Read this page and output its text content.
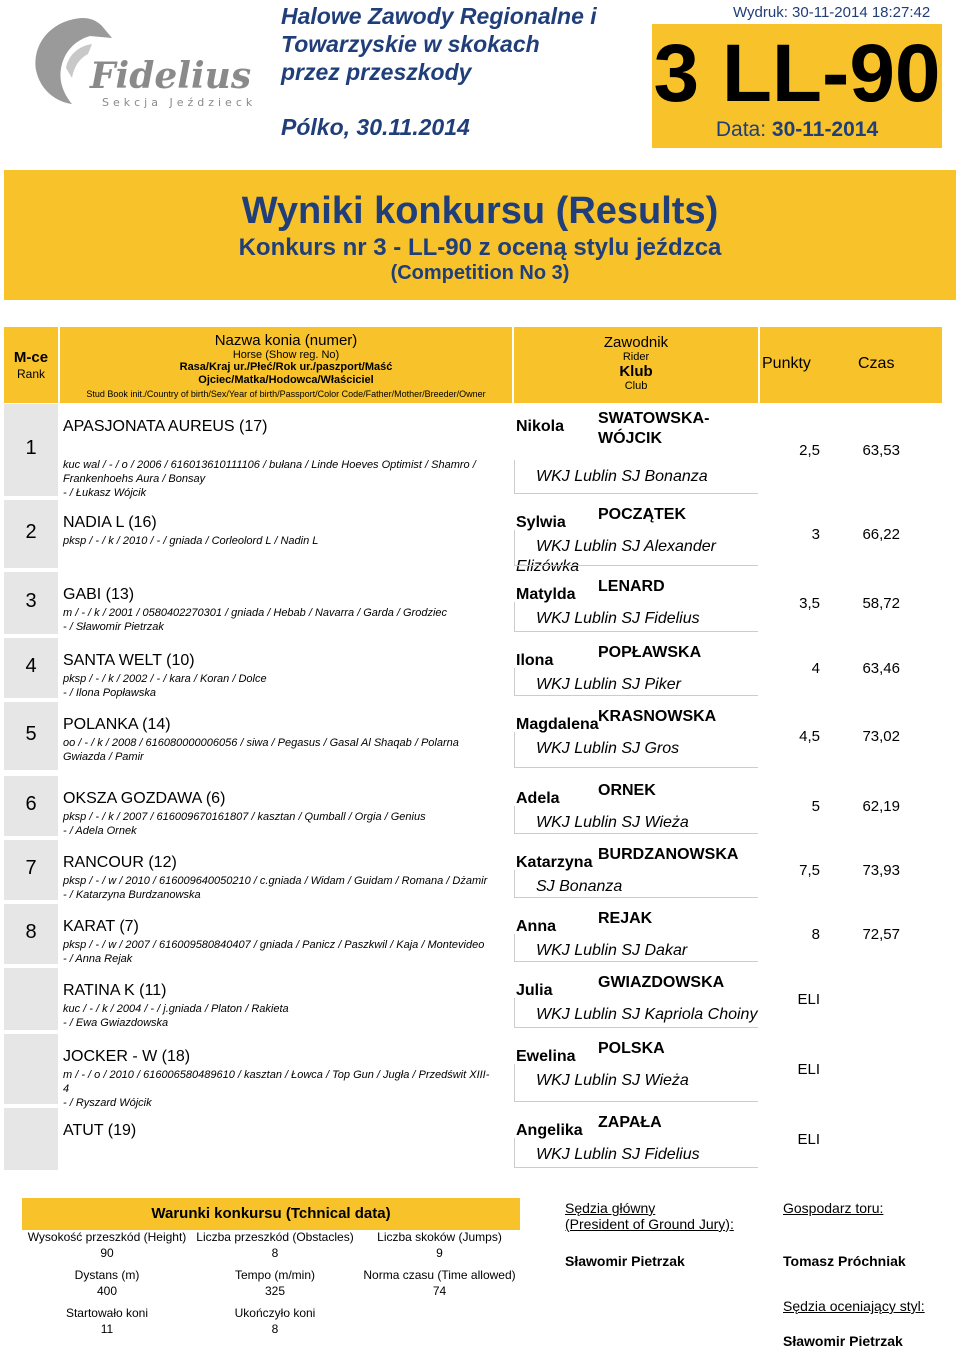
Fidelius
Sekcja Jeździecka
Halowe Zawody Regionalne i
Towarzyskie w skokach
przez przeszkody
Pólko, 30.11.2014
Wydruk: 30-11-2014 18:27:42
3 LL-90
Data: 30-11-2014
Wyniki konkursu (Results)
Konkurs nr 3 - LL-90 z oceną stylu jeźdzca
(Competition No 3)
M-ce
Rank
Nazwa konia (numer)
Horse (Show reg. No)
Rasa/Kraj ur./Płeć/Rok ur./paszport/Maść
Ojciec/Matka/Hodowca/Właściciel
Stud Book init./Country of birth/Sex/Year of birth/Passport/Color Code/Father/Mother/Breeder/Owner
Zawodnik
Rider
Klub
Club
Punkty	Czas
1
APASJONATA AUREUS (17)
kuc wal / - / o / 2006 / 616013610111106 / bułana / Linde Hoeves Optimist / Shamro /
Frankenhoehs Aura / Bonsay
- / Łukasz Wójcik
Nikola SWATOWSKA-
WÓJCIK
WKJ Lublin SJ Bonanza
2,5	63,53
2	NADIA L (16)
pksp / - / k / 2010 / - / gniada / Corleolord L / Nadin L
Sylwia POCZĄTEK
WKJ Lublin SJ Alexander
Elizówka
3	66,22
3	GABI (13)
m / - / k / 2001 / 0580402270301 / gniada / Hebab / Navarra / Garda / Grodziec
- / Sławomir Pietrzak
Matylda LENARD
WKJ Lublin SJ Fidelius
3,5	58,72
4	SANTA WELT (10)
pksp / - / k / 2002 / - / kara / Koran / Dolce
- / Ilona Popławska
Ilona	POPŁAWSKA
WKJ Lublin SJ Piker
4	63,46
5	POLANKA (14)
oo / - / k / 2008 / 616080000006056 / siwa / Pegasus / Gasal Al Shaqab / Polarna
Gwiazda / Pamir
Magdalena KRASNOWSKA
WKJ Lublin SJ Gros
4,5	73,02
6	OKSZA GOZDAWA (6)
pksp / - / k / 2007 / 616009670161807 / kasztan / Qumball / Orgia / Genius
- / Adela Ornek
Adela ORNEK
WKJ Lublin SJ Wieża
5	62,19
7	RANCOUR (12)
pksp / - / w / 2010 / 616009640050210 / c.gniada / Widam / Guidam / Romana / Dżamir
- / Katarzyna Burdzanowska
Katarzyna BURDZANOWSKA
SJ Bonanza
7,5	73,93
8	KARAT (7)
pksp / - / w / 2007 / 616009580840407 / gniada / Panicz / Paszkwil / Kaja / Montevideo
- / Anna Rejak
Anna	REJAK
WKJ Lublin SJ Dakar
8	72,57
RATINA K (11)
kuc / - / k / 2004 / - / j.gniada / Platon / Rakieta
- / Ewa Gwiazdowska
Julia	GWIAZDOWSKA
WKJ Lublin SJ Kapriola Choiny
ELI
JOCKER - W (18)
m / - / o / 2010 / 616006580489610 / kasztan / Łowca / Top Gun / Jugła / Przedświt XIII-
4
- / Ryszard Wójcik
Ewelina POLSKA
WKJ Lublin SJ Wieża
ELI
ATUT (19)	Angelika ZAPAŁA
WKJ Lublin SJ Fidelius
ELI
Warunki konkursu (Tchnical data)
Wysokość przeszkód (Height)
90
Liczba przeszkód (Obstacles)
8
Liczba skoków (Jumps)
9
Dystans (m)
400
Tempo (m/min)
325
Norma czasu (Time allowed)
74
Startowało koni
11
Ukończyło koni
8
Sędzia główny
(President of Ground Jury):
Sławomir Pietrzak
Gospodarz toru:
Tomasz Próchniak
Sędzia oceniający styl:
Sławomir Pietrzak
